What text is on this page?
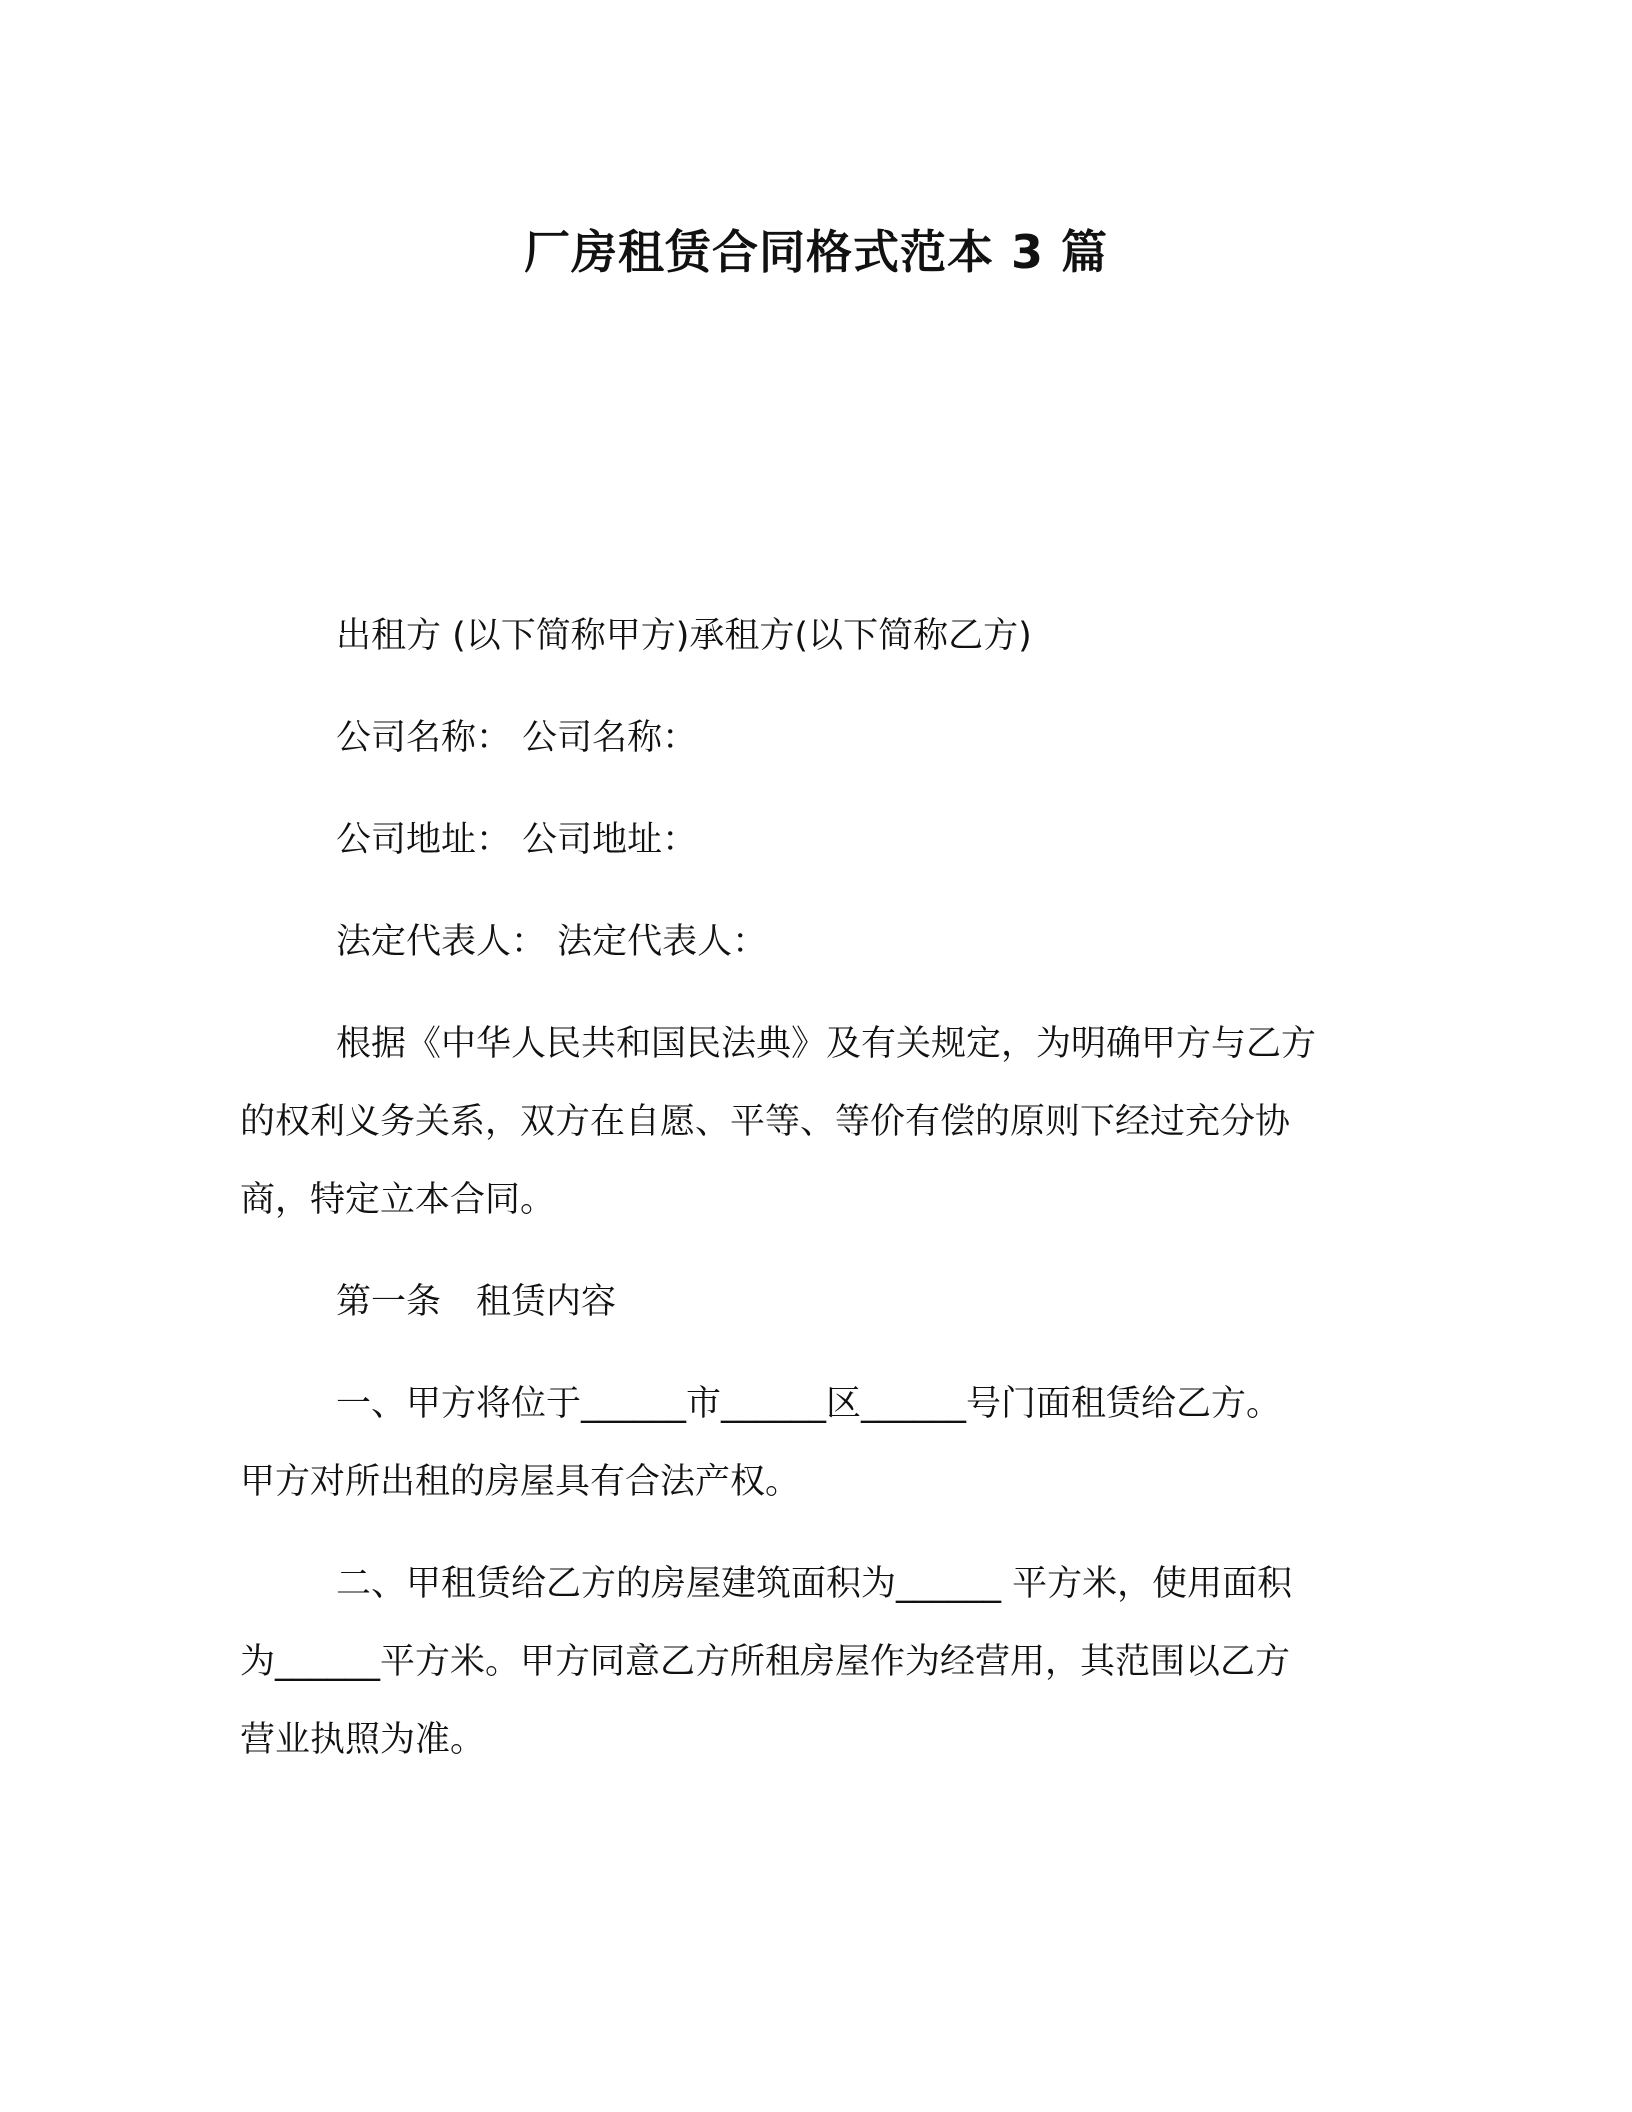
厂房租赁合同格式范本 3 篇
出租方 (以下简称甲方)承租方(以下简称乙方)
公司名称： 公司名称：
公司地址： 公司地址：
法定代表人： 法定代表人：
根据《中华人民共和国民法典》及有关规定，为明确甲方与乙方
的权利义务关系，双方在自愿、平等、等价有偿的原则下经过充分协
商，特定立本合同。
第一条　租赁内容
一、甲方将位于______市______区______号门面租赁给乙方。
甲方对所出租的房屋具有合法产权。
二、甲租赁给乙方的房屋建筑面积为______ 平方米，使用面积
为______平方米。甲方同意乙方所租房屋作为经营用，其范围以乙方
营业执照为准。
